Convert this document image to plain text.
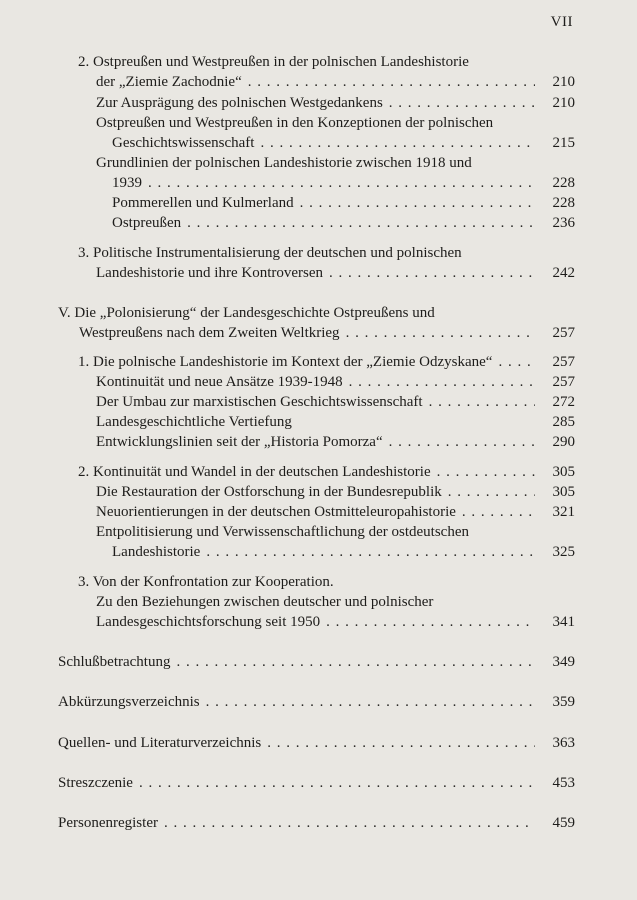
VII
2. Ostpreußen und Westpreußen in der polnischen Landeshistorie
der „Ziemie Zachodnie“ . . .	210
Zur Ausprägung des polnischen Westgedankens . . .	210
Ostpreußen und Westpreußen in den Konzeptionen der polnischen
Geschichtswissenschaft . . .	215
Grundlinien der polnischen Landeshistorie zwischen 1918 und
1939 . . .	228
Pommerellen und Kulmerland . . .	228
Ostpreußen . . .	236
3. Politische Instrumentalisierung der deutschen und polnischen
Landeshistorie und ihre Kontroversen . . .	242
V. Die „Polonisierung“ der Landesgeschichte Ostpreußens und
Westpreußens nach dem Zweiten Weltkrieg . . .	257
1. Die polnische Landeshistorie im Kontext der „Ziemie Odzyskane“ . . .	257
Kontinuität und neue Ansätze 1939-1948 . . .	257
Der Umbau zur marxistischen Geschichtswissenschaft . . .	272
Landesgeschichtliche Vertiefung	285
Entwicklungslinien seit der „Historia Pomorza“ . . .	290
2. Kontinuität und Wandel in der deutschen Landeshistorie . . .	305
Die Restauration der Ostforschung in der Bundesrepublik . . .	305
Neuorientierungen in der deutschen Ostmitteleuropahistorie . . .	321
Entpolitisierung und Verwissenschaftlichung der ostdeutschen
Landeshistorie . . .	325
3. Von der Konfrontation zur Kooperation.
Zu den Beziehungen zwischen deutscher und polnischer
Landesgeschichtsforschung seit 1950 . . .	341
Schlußbetrachtung . . .	349
Abkürzungsverzeichnis . . .	359
Quellen- und Literaturverzeichnis . . .	363
Streszczenie . . .	453
Personenregister . . .	459
